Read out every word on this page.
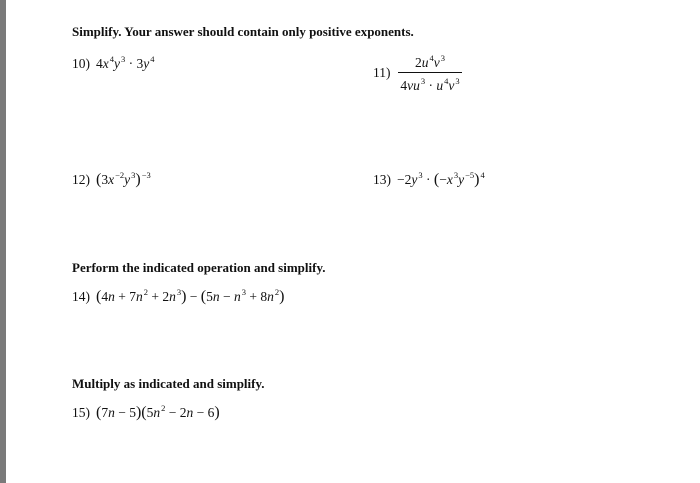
Simplify. Your answer should contain only positive exponents.
10) $4x^4y^3 \cdot 3y^4$
11)
$2u^4v^3$
$4vu^3 \cdot u^4v^3$
12) $(3x^{-2}y^3)^{-3}$	$13) -2y^3 \cdot (-x^3y^{-5})^4$
Perform the indicated operation and simplify.
14) $(4n + 7n^2 + 2n^3) - (5n - n^3 + 8n^2)$
Multiply as indicated and simplify.
15) $(7n - 5)(5n^2 - 2n - 6)$
